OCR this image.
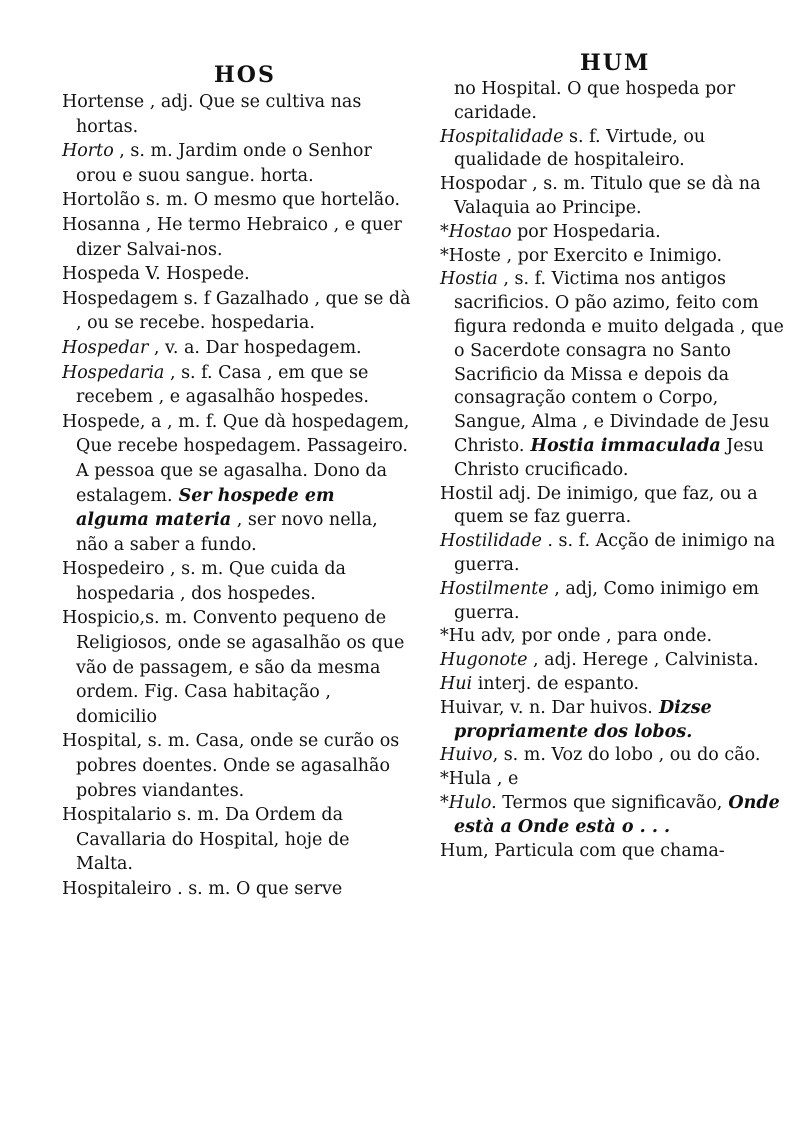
HOS	HUM

Hortense , adj. Que se cultiva nas hortas.

Horto , s. m. Jardim onde o Senhor orou e suou sangue. horta.

Hortolão s. m. O mesmo que hortelão.

Hosanna , He termo Hebraico , e quer dizer Salvai-nos.

Hospeda V. Hospede.

Hospedagem s. f Gazalhado , que se dà , ou se recebe. hospedaria.

Hospedar , v. a. Dar hospedagem.

Hospedaria , s. f. Casa , em que se recebem , e agasalhão hospedes.

Hospede, a , m. f. Que dà hospedagem, Que recebe hospedagem. Passageiro. A pessoa que se agasalha. Dono da estalagem. Ser hospede em alguma materia , ser novo nella, não a saber a fundo.

Hospedeiro , s. m. Que cuida da hospedaria , dos hospedes.

Hospicio,s. m. Convento pequeno de Religiosos, onde se agasalhão os que vão de passagem, e são da mesma ordem. Fig. Casa habitação , domicilio

Hospital, s. m. Casa, onde se curão os pobres doentes. Onde se agasalhão pobres viandantes.

Hospitalario s. m. Da Ordem da Cavallaria do Hospital, hoje de Malta.

Hospitaleiro . s. m. O que serve

no Hospital. O que hospeda por caridade.

Hospitalidade s. f. Virtude, ou qualidade de hospitaleiro.

Hospodar , s. m. Titulo que se dà na Valaquia ao Principe.

*Hostao por Hospedaria.

*Hoste , por Exercito e Inimigo.

Hostia , s. f. Victima nos antigos sacrificios. O pão azimo, feito com figura redonda e muito delgada , que o Sacerdote consagra no Santo Sacrificio da Missa e depois da consagração contem o Corpo, Sangue, Alma , e Divindade de Jesu Christo. Hostia immaculada Jesu Christo crucificado.

Hostil adj. De inimigo, que faz, ou a quem se faz guerra.

Hostilidade . s. f. Acção de inimigo na guerra.

Hostilmente , adj, Como inimigo em guerra.

*Hu adv, por onde , para onde.

Hugonote , adj. Herege , Calvinista.

Hui interj. de espanto.

Huivar, v. n. Dar huivos. Dizse propriamente dos lobos.

Huivo, s. m. Voz do lobo , ou do cão.

*Hula , e

*Hulo. Termos que significavão, Onde està a Onde està o . . .

Hum, Particula com que chama-
